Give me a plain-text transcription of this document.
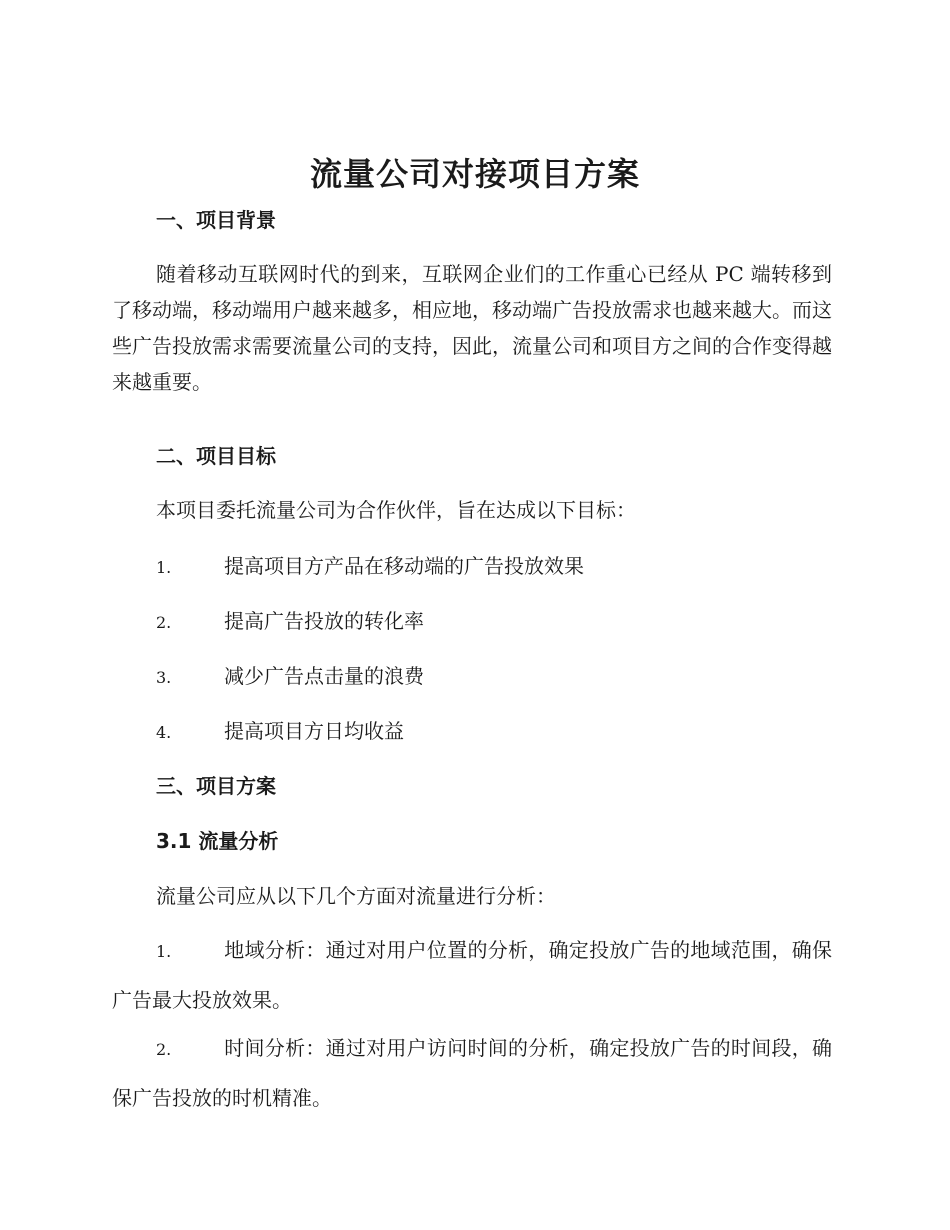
流量公司对接项目方案
一、项目背景
随着移动互联网时代的到来，互联网企业们的工作重心已经从 PC 端转移到了移动端，移动端用户越来越多，相应地，移动端广告投放需求也越来越大。而这些广告投放需求需要流量公司的支持，因此，流量公司和项目方之间的合作变得越来越重要。
二、项目目标
本项目委托流量公司为合作伙伴，旨在达成以下目标：
1.	提高项目方产品在移动端的广告投放效果
2.	提高广告投放的转化率
3.	减少广告点击量的浪费
4.	提高项目方日均收益
三、项目方案
3.1 流量分析
流量公司应从以下几个方面对流量进行分析：
1.	地域分析：通过对用户位置的分析，确定投放广告的地域范围，确保广告最大投放效果。
2.	时间分析：通过对用户访问时间的分析，确定投放广告的时间段，确保广告投放的时机精准。
